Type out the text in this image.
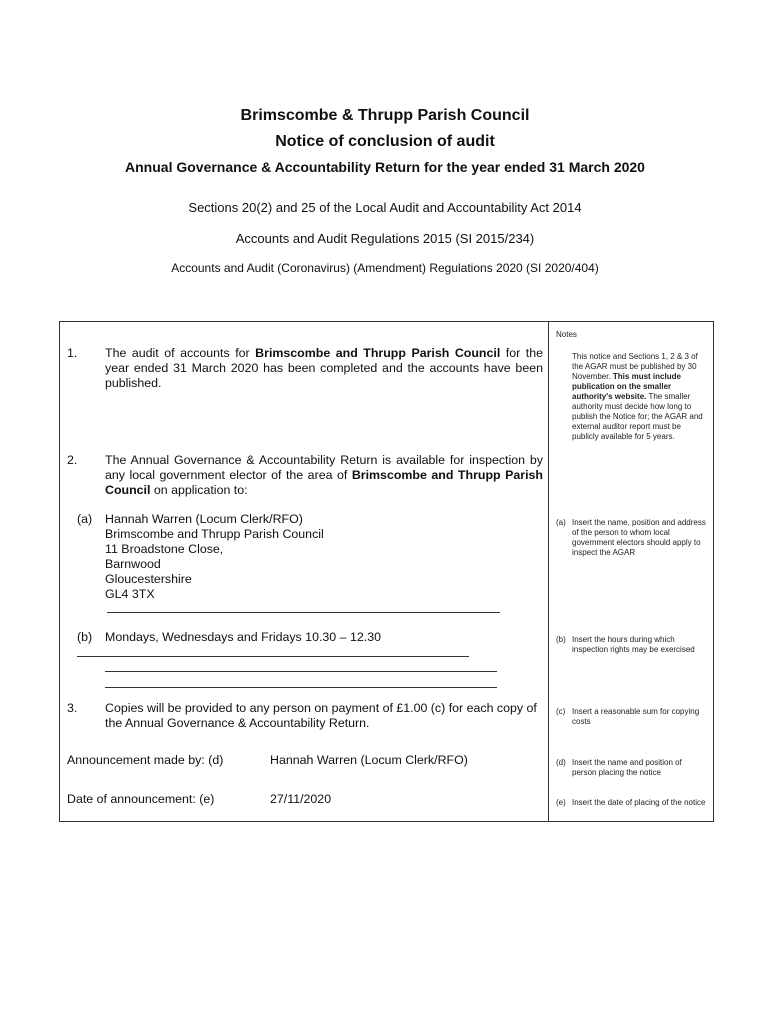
Brimscombe & Thrupp Parish Council
Notice of conclusion of audit
Annual Governance & Accountability Return for the year ended 31 March 2020
Sections 20(2) and 25 of the Local Audit and Accountability Act 2014
Accounts and Audit Regulations 2015 (SI 2015/234)
Accounts and Audit (Coronavirus) (Amendment) Regulations 2020 (SI 2020/404)
1. The audit of accounts for Brimscombe and Thrupp Parish Council for the year ended 31 March 2020 has been completed and the accounts have been published.
2. The Annual Governance & Accountability Return is available for inspection by any local government elector of the area of Brimscombe and Thrupp Parish Council on application to:
(a) Hannah Warren (Locum Clerk/RFO)
Brimscombe and Thrupp Parish Council
11 Broadstone Close,
Barnwood
Gloucestershire
GL4 3TX
(b) Mondays, Wednesdays and Fridays 10.30 – 12.30
3. Copies will be provided to any person on payment of £1.00 (c) for each copy of the Annual Governance & Accountability Return.
Announcement made by: (d)	Hannah Warren (Locum Clerk/RFO)
Date of announcement: (e)	27/11/2020
Notes
This notice and Sections 1, 2 & 3 of the AGAR must be published by 30 November. This must include publication on the smaller authority's website. The smaller authority must decide how long to publish the Notice for; the AGAR and external auditor report must be publicly available for 5 years.
(a) Insert the name, position and address of the person to whom local government electors should apply to inspect the AGAR
(b) Insert the hours during which inspection rights may be exercised
(c) Insert a reasonable sum for copying costs
(d) Insert the name and position of person placing the notice
(e) Insert the date of placing of the notice
